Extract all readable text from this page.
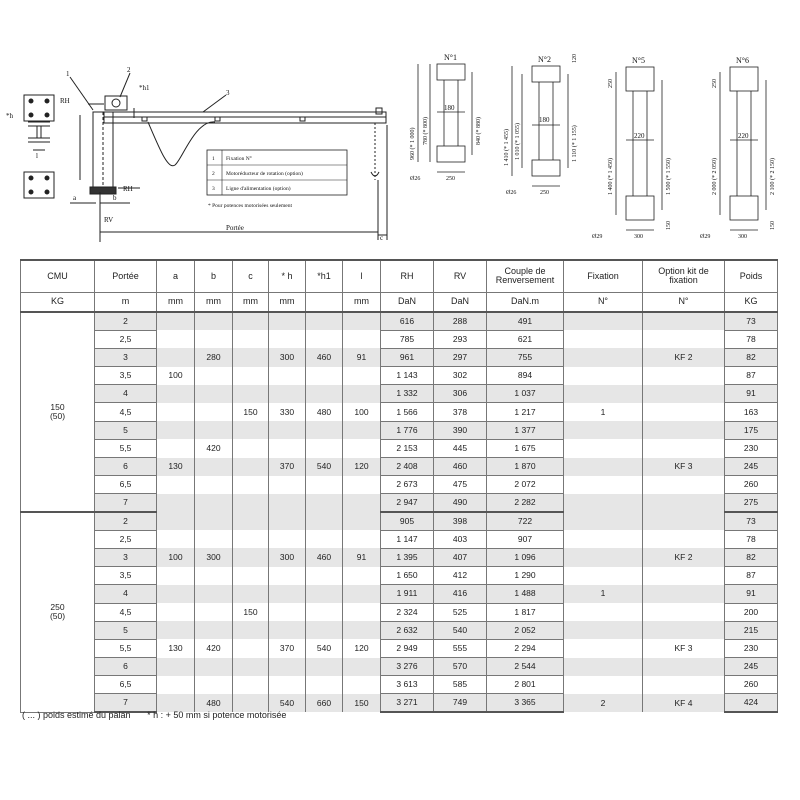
1	2
3
RH
RH
RV
*h
*h1
l
a	b
c
Portée
1 Fixation N°
2 Motoréducteur de rotation (option)
3 Ligne d'alimentation (option)
* Pour potences motorisées seulement
N°1
960 (* 1 000) 780 (* 800)	840 (* 880)
180
250
Ø26
N°2
1 410 (* 1 455) 1 010 (* 1 055)	1 110 (* 1 155)
180
250
Ø26
120	N°5
1 400 (* 1 450)	1 500 (* 1 550)
220
300
Ø29
250
150
N°6
2 000 (* 2 050)	2 100 (* 2 150)
220
300
Ø29
250
150
CMU	Portée	a	b	c	* h	*h1	l	RH	RV	Couple de Renversement	Fixation	Option kit de fixation	Poids
KG	m	mm	mm	mm	mm		mm	DaN	DaN	DaN.m	N°	N°	KG
150
(50)	2							616	288	491			73
	2,5							785	293	621			78
	3		280		300	460	91	961	297	755		KF 2	82
	3,5	100						1 143	302	894			87
	4							1 332	306	1 037			91
	4,5			150	330	480	100	1 566	378	1 217	1		163
	5							1 776	390	1 377			175
	5,5		420					2 153	445	1 675			230
	6	130			370	540	120	2 408	460	1 870		KF 3	245
	6,5							2 673	475	2 072			260
	7							2 947	490	2 282			275
250
(50)	2							905	398	722			73
	2,5							1 147	403	907			78
	3	100	300		300	460	91	1 395	407	1 096		KF 2	82
	3,5							1 650	412	1 290			87
	4							1 911	416	1 488	1		91
	4,5			150				2 324	525	1 817			200
	5							2 632	540	2 052			215
	5,5	130	420		370	540	120	2 949	555	2 294		KF 3	230
	6							3 276	570	2 544			245
	6,5							3 613	585	2 801			260
	7		480		540	660	150	3 271	749	3 365	2	KF 4	424
( ... ) poids estimé du palan * h : + 50 mm si potence motorisée
